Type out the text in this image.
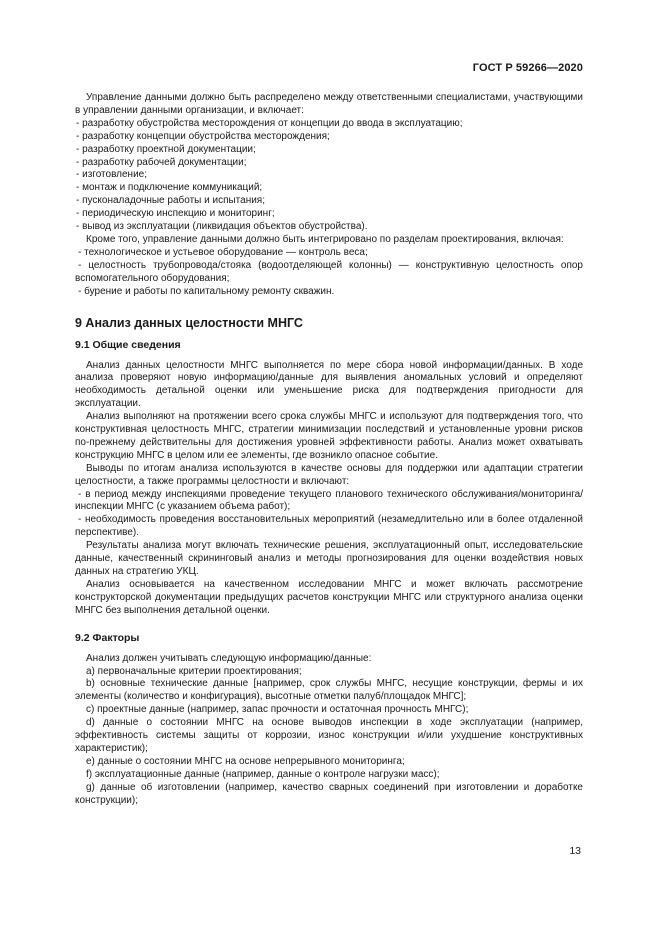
ГОСТ Р 59266—2020

Управление данными должно быть распределено между ответственными специалистами, участвующими в управлении данными организации, и включает:

- разработку обустройства месторождения от концепции до ввода в эксплуатацию;

- разработку концепции обустройства месторождения;

- разработку проектной документации;

- разработку рабочей документации;

- изготовление;

- монтаж и подключение коммуникаций;

- пусконаладочные работы и испытания;

- периодическую инспекцию и мониторинг;

- вывод из эксплуатации (ликвидация объектов обустройства).

Кроме того, управление данными должно быть интегрировано по разделам проектирования, включая:

- технологическое и устьевое оборудование — контроль веса;

- целостность трубопровода/стояка (водоотделяющей колонны) — конструктивную целостность опор вспомогательного оборудования;

- бурение и работы по капитальному ремонту скважин.

9 Анализ данных целостности МНГС
9.1 Общие сведения

Анализ данных целостности МНГС выполняется по мере сбора новой информации/данных. В ходе анализа проверяют новую информацию/данные для выявления аномальных условий и определяют необходимость детальной оценки или уменьшение риска для подтверждения пригодности для эксплуатации.

Анализ выполняют на протяжении всего срока службы МНГС и используют для подтверждения того, что конструктивная целостность МНГС, стратегии минимизации последствий и установленные уровни рисков по-прежнему действительны для достижения уровней эффективности работы. Анализ может охватывать конструкцию МНГС в целом или ее элементы, где возникло опасное событие.

Выводы по итогам анализа используются в качестве основы для поддержки или адаптации стратегии целостности, а также программы целостности и включают:

- в период между инспекциями проведение текущего планового технического обслуживания/мониторинга/инспекции МНГС (с указанием объема работ);

- необходимость проведения восстановительных мероприятий (незамедлительно или в более отдаленной перспективе).

Результаты анализа могут включать технические решения, эксплуатационный опыт, исследовательские данные, качественный скрининговый анализ и методы прогнозирования для оценки воздействия новых данных на стратегию УКЦ.

Анализ основывается на качественном исследовании МНГС и может включать рассмотрение конструкторской документации предыдущих расчетов конструкции МНГС или структурного анализа оценки МНГС без выполнения детальной оценки.

9.2 Факторы

Анализ должен учитывать следующую информацию/данные:

a) первоначальные критерии проектирования;

b) основные технические данные [например, срок службы МНГС, несущие конструкции, фермы и их элементы (количество и конфигурация), высотные отметки палуб/площадок МНГС];

c) проектные данные (например, запас прочности и остаточная прочность МНГС);

d) данные о состоянии МНГС на основе выводов инспекции в ходе эксплуатации (например, эффективность системы защиты от коррозии, износ конструкции и/или ухудшение конструктивных характеристик);

e) данные о состоянии МНГС на основе непрерывного мониторинга;

f) эксплуатационные данные (например, данные о контроле нагрузки масс);

g) данные об изготовлении (например, качество сварных соединений при изготовлении и доработке конструкции);

13
